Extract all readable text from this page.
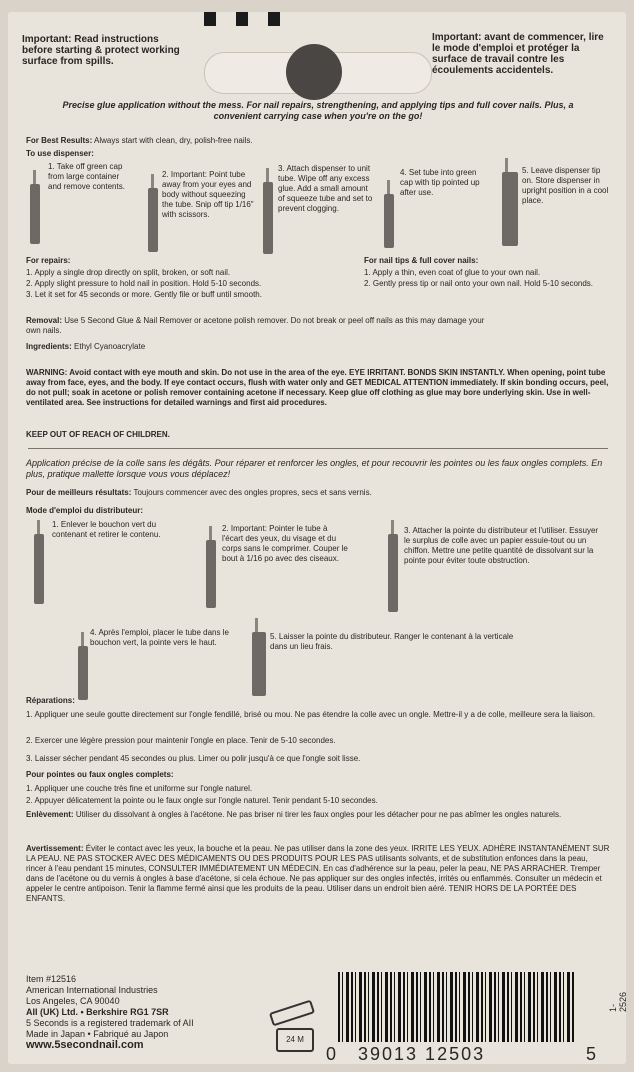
Important: Read instructions before starting & protect working surface from spills.
Important: avant de commencer, lire le mode d'emploi et protéger la surface de travail contre les écoulements accidentels.
Precise glue application without the mess. For nail repairs, strengthening, and applying tips and full cover nails. Plus, a convenient carrying case when you're on the go!
For Best Results: Always start with clean, dry, polish-free nails.
To use dispenser:
1. Take off green cap from large container and remove contents.
2. Important: Point tube away from your eyes and body without squeezing the tube. Snip off tip 1/16" with scissors.
3. Attach dispenser to unit tube. Wipe off any excess glue. Add a small amount of squeeze tube and set to prevent clogging.
4. Set tube into green cap with tip pointed up after use.
5. Leave dispenser tip on. Store dispenser in upright position in a cool place.
For repairs:
1. Apply a single drop directly on split, broken, or soft nail.
2. Apply slight pressure to hold nail in position. Hold 5-10 seconds.
3. Let it set for 45 seconds or more. Gently file or buff until smooth.
For nail tips & full cover nails:
1. Apply a thin, even coat of glue to your own nail.
2. Gently press tip or nail onto your own nail. Hold 5-10 seconds.
Removal: Use 5 Second Glue & Nail Remover or acetone polish remover. Do not break or peel off nails as this may damage your own nails.
Ingredients: Ethyl Cyanoacrylate
WARNING: Avoid contact with eye mouth and skin. Do not use in the area of the eye. EYE IRRITANT. BONDS SKIN INSTANTLY. When opening, point tube away from face, eyes, and the body. If eye contact occurs, flush with water only and GET MEDICAL ATTENTION immediately. If skin bonding occurs, peel, do not pull; soak in acetone or polish remover containing acetone if necessary. Keep glue off clothing as glue may bore underlying skin. Use in well-ventilated area. See instructions for detailed warnings and first aid procedures.
KEEP OUT OF REACH OF CHILDREN.
Application précise de la colle sans les dégâts. Pour réparer et renforcer les ongles, et pour recouvrir les pointes ou les faux ongles complets. En plus, pratique mallette lorsque vous vous déplacez!
Pour de meilleurs résultats: Toujours commencer avec des ongles propres, secs et sans vernis.
Mode d'emploi du distributeur:
1. Enlever le bouchon vert du contenant et retirer le contenu.
2. Important: Pointer le tube à l'écart des yeux, du visage et du corps sans le comprimer. Couper le bout à 1/16 po avec des ciseaux.
3. Attacher la pointe du distributeur et l'utiliser. Essuyer le surplus de colle avec un papier essuie-tout ou un chiffon. Mettre une petite quantité de dissolvant sur la pointe pour éviter toute obstruction.
4. Après l'emploi, placer le tube dans le bouchon vert, la pointe vers le haut.
5. Laisser la pointe du distributeur. Ranger le contenant à la verticale dans un lieu frais.
Réparations:
1. Appliquer une seule goutte directement sur l'ongle fendillé, brisé ou mou. Ne pas étendre la colle avec un ongle. Mettre-il y a de colle, meilleure sera la liaison.
2. Exercer une légère pression pour maintenir l'ongle en place. Tenir de 5-10 secondes.
3. Laisser sécher pendant 45 secondes ou plus. Limer ou polir jusqu'à ce que l'ongle soit lisse.
Pour pointes ou faux ongles complets:
1. Appliquer une couche très fine et uniforme sur l'ongle naturel.
2. Appuyer délicatement la pointe ou le faux ongle sur l'ongle naturel. Tenir pendant 5-10 secondes.
Enlèvement: Utiliser du dissolvant à ongles à l'acétone. Ne pas briser ni tirer les faux ongles pour les détacher pour ne pas abîmer les ongles naturels.
Avertissement: Éviter le contact avec les yeux, la bouche et la peau. Ne pas utiliser dans la zone des yeux. IRRITE LES YEUX. ADHÈRE INSTANTANÉMENT SUR LA PEAU. NE PAS STOCKER AVEC DES MÉDICAMENTS OU DES PRODUITS POUR LES PAS utilisants solvants, et de substitution enfonces dans la peau, rincer à l'eau pendant 15 minutes, CONSULTER IMMÉDIATEMENT UN MÉDECIN. En cas d'adhérence sur la peau, peler la peau, NE PAS ARRACHER. Tremper dans de l'acétone ou du vernis à ongles à base d'acétone, si cela échoue. Ne pas appliquer sur des ongles infectés, irrités ou enflammés. Consulter un médecin et appeler le centre antipoison. Tenir la flamme fermé ainsi que les produits de la peau. Utiliser dans un endroit bien aéré. TENIR HORS DE LA PORTÉE DES ENFANTS.
Item #12516
American International Industries
Los Angeles, CA 90040
AII (UK) Ltd. • Berkshire RG1 7SR
5 Seconds is a registered trademark of AII
Made in Japan • Fabriqué au Japon
www.5secondnail.com	24 M
0 39013 12503	5
1-2526
